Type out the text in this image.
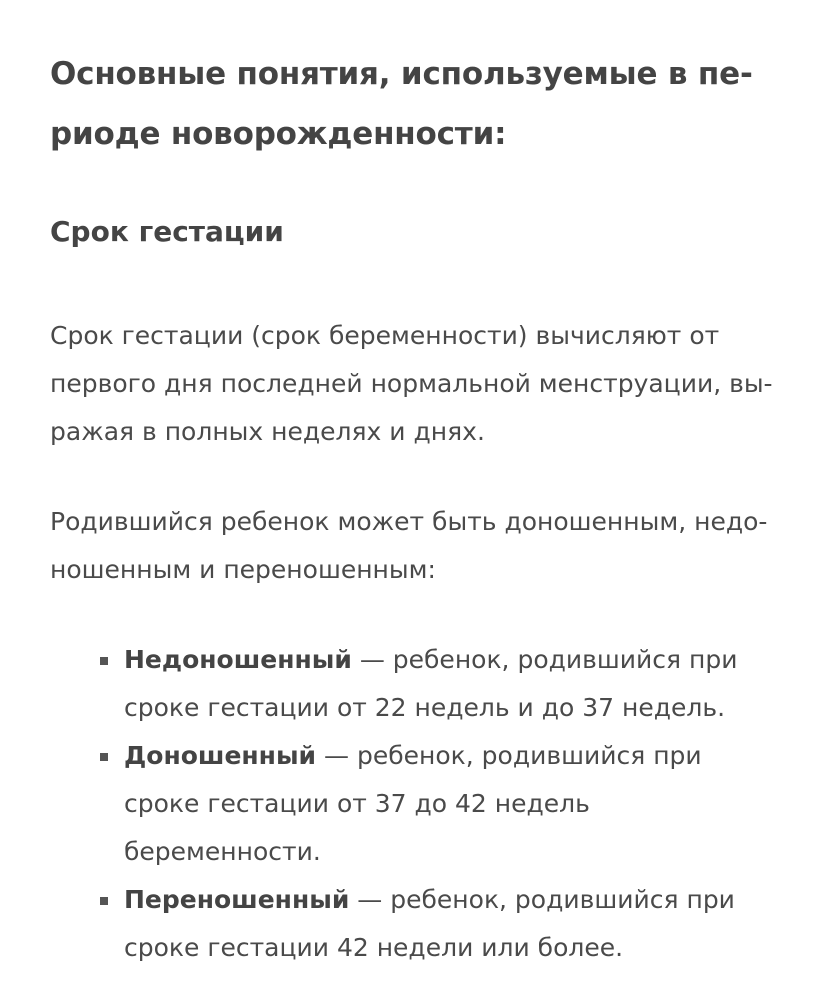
Основные понятия, используемые в пе-
риоде новорожденности:
Срок гестации

Срок гестации (срок беременности) вычисляют от
первого дня последней нормальной менструации, вы-
ражая в полных неделях и днях.

Родившийся ребенок может быть доношенным, недо-
ношенным и переношенным:

Недоношенный — ребенок, родившийся при
сроке гестации от 22 недель и до 37 недель.
Доношенный — ребенок, родившийся при
сроке гестации от 37 до 42 недель
беременности.
Переношенный — ребенок, родившийся при
сроке гестации 42 недели или более.
